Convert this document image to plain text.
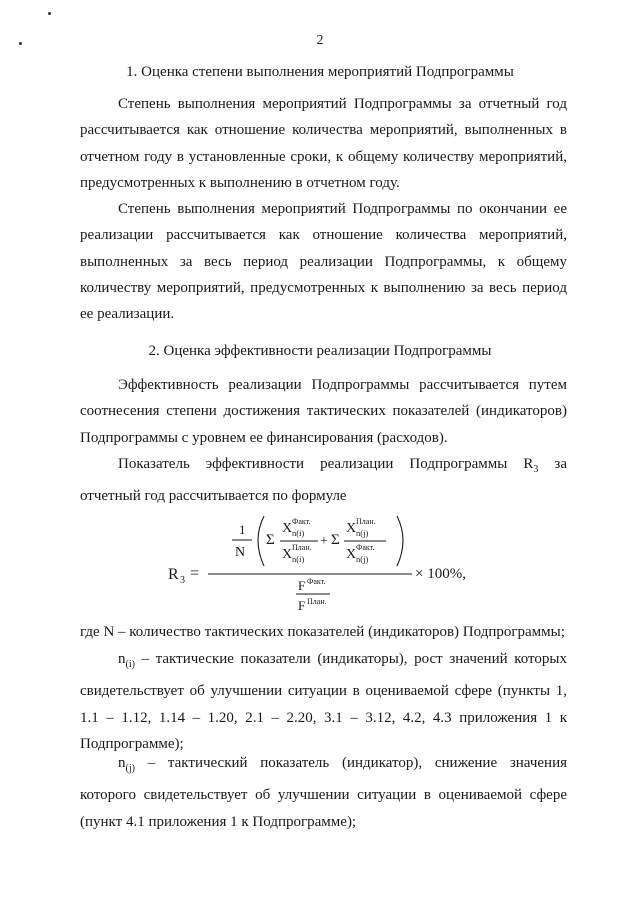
2
1. Оценка степени выполнения мероприятий Подпрограммы

Степень выполнения мероприятий Подпрограммы за отчетный год рассчитывается как отношение количества мероприятий, выполненных в отчетном году в установленные сроки, к общему количеству мероприятий, предусмотренных к выполнению в отчетном году.

Степень выполнения мероприятий Подпрограммы по окончании ее реализации рассчитывается как отношение количества мероприятий, выполненных за весь период реализации Подпрограммы, к общему количеству мероприятий, предусмотренных к выполнению за весь период ее реализации.

2. Оценка эффективности реализации Подпрограммы

Эффективность реализации Подпрограммы рассчитывается путем соотнесения степени достижения тактических показателей (индикаторов) Подпрограммы с уровнем ее финансирования (расходов).

Показатель эффективности реализации Подпрограммы $R_3$ за отчетный год рассчитывается по формуле

R 3 =
1
N
Σ
X Факт.
n(i)
X План.
n(i)
+ Σ
X План.
n(j)
X Факт.
n(j)
× 100%,
F Факт.
F План.

где N – количество тактических показателей (индикаторов) Подпрограммы;

$n_{(i)}$ – тактические показатели (индикаторы), рост значений которых свидетельствует об улучшении ситуации в оцениваемой сфере (пункты 1, 1.1 – 1.12, 1.14 – 1.20, 2.1 – 2.20, 3.1 – 3.12, 4.2, 4.3 приложения 1 к Подпрограмме);

$n_{(j)}$ – тактический показатель (индикатор), снижение значения которого свидетельствует об улучшении ситуации в оцениваемой сфере (пункт 4.1 приложения 1 к Подпрограмме);
